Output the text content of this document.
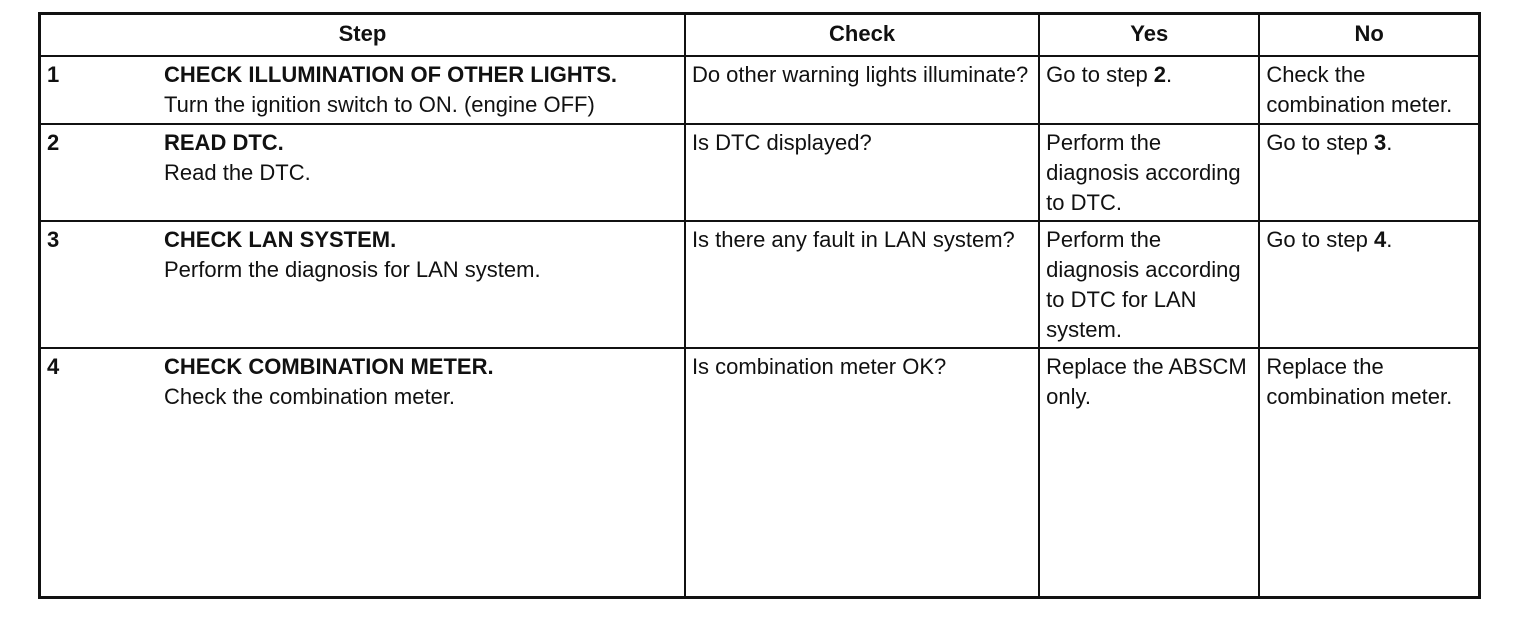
Step	Check	Yes	No

1 CHECK ILLUMINATION OF OTHER LIGHTS.
Turn the ignition switch to ON. (engine OFF)	Do other warning lights illuminate?	Go to step 2.	Check the combination meter.

2 READ DTC.
Read the DTC.	Is DTC displayed?	Perform the diagnosis according to DTC.	Go to step 3.

3 CHECK LAN SYSTEM.
Perform the diagnosis for LAN system.	Is there any fault in LAN system?	Perform the diagnosis according to DTC for LAN system.	Go to step 4.

4 CHECK COMBINATION METER.
Check the combination meter.	Is combination meter OK?	Replace the ABSCM only.	Replace the combination meter.
